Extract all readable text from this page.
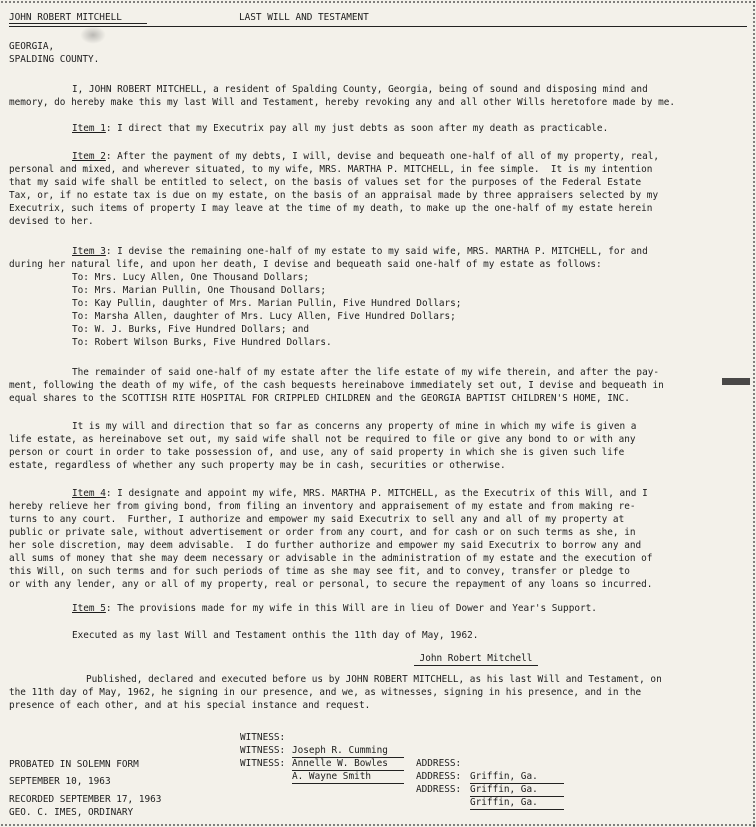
JOHN ROBERT MITCHELL	LAST WILL AND TESTAMENT
GEORGIA,
SPALDING COUNTY.
I, JOHN ROBERT MITCHELL, a resident of Spalding County, Georgia, being of sound and disposing mind and
memory, do hereby make this my last Will and Testament, hereby revoking any and all other Wills heretofore made by me.
Item 1: I direct that my Executrix pay all my just debts as soon after my death as practicable.
Item 2: After the payment of my debts, I will, devise and bequeath one-half of all of my property, real,
personal and mixed, and wherever situated, to my wife, MRS. MARTHA P. MITCHELL, in fee simple.  It is my intention
that my said wife shall be entitled to select, on the basis of values set for the purposes of the Federal Estate
Tax, or, if no estate tax is due on my estate, on the basis of an appraisal made by three appraisers selected by my
Executrix, such items of property I may leave at the time of my death, to make up the one-half of my estate herein
devised to her.
Item 3: I devise the remaining one-half of my estate to my said wife, MRS. MARTHA P. MITCHELL, for and
during her natural life, and upon her death, I devise and bequeath said one-half of my estate as follows:
To: Mrs. Lucy Allen, One Thousand Dollars;
To: Mrs. Marian Pullin, One Thousand Dollars;
To: Kay Pullin, daughter of Mrs. Marian Pullin, Five Hundred Dollars;
To: Marsha Allen, daughter of Mrs. Lucy Allen, Five Hundred Dollars;
To: W. J. Burks, Five Hundred Dollars; and
To: Robert Wilson Burks, Five Hundred Dollars.
The remainder of said one-half of my estate after the life estate of my wife therein, and after the pay-
ment, following the death of my wife, of the cash bequests hereinabove immediately set out, I devise and bequeath in
equal shares to the SCOTTISH RITE HOSPITAL FOR CRIPPLED CHILDREN and the GEORGIA BAPTIST CHILDREN'S HOME, INC.
It is my will and direction that so far as concerns any property of mine in which my wife is given a
life estate, as hereinabove set out, my said wife shall not be required to file or give any bond to or with any
person or court in order to take possession of, and use, any of said property in which she is given such life
estate, regardless of whether any such property may be in cash, securities or otherwise.
Item 4: I designate and appoint my wife, MRS. MARTHA P. MITCHELL, as the Executrix of this Will, and I
hereby relieve her from giving bond, from filing an inventory and appraisement of my estate and from making re-
turns to any court.  Further, I authorize and empower my said Executrix to sell any and all of my property at
public or private sale, without advertisement or order from any court, and for cash or on such terms as she, in
her sole discretion, may deem advisable.  I do further authorize and empower my said Executrix to borrow any and
all sums of money that she may deem necessary or advisable in the administration of my estate and the execution of
this Will, on such terms and for such periods of time as she may see fit, and to convey, transfer or pledge to
or with any lender, any or all of my property, real or personal, to secure the repayment of any loans so incurred.
Item 5: The provisions made for my wife in this Will are in lieu of Dower and Year's Support.
Executed as my last Will and Testament onthis the 11th day of May, 1962.
John Robert Mitchell
Published, declared and executed before us by JOHN ROBERT MITCHELL, as his last Will and Testament, on
the 11th day of May, 1962, he signing in our presence, and we, as witnesses, signing in his presence, and in the
presence of each other, and at his special instance and request.

WITNESS:

Joseph R. Cumming

ADDRESS:

Griffin, Ga.

WITNESS:

Annelle W. Bowles

ADDRESS:

Griffin, Ga.

WITNESS:

A. Wayne Smith

ADDRESS:

Griffin, Ga.

PROBATED IN SOLEMN FORM
SEPTEMBER 10, 1963
RECORDED SEPTEMBER 17, 1963
GEO. C. IMES, ORDINARY
